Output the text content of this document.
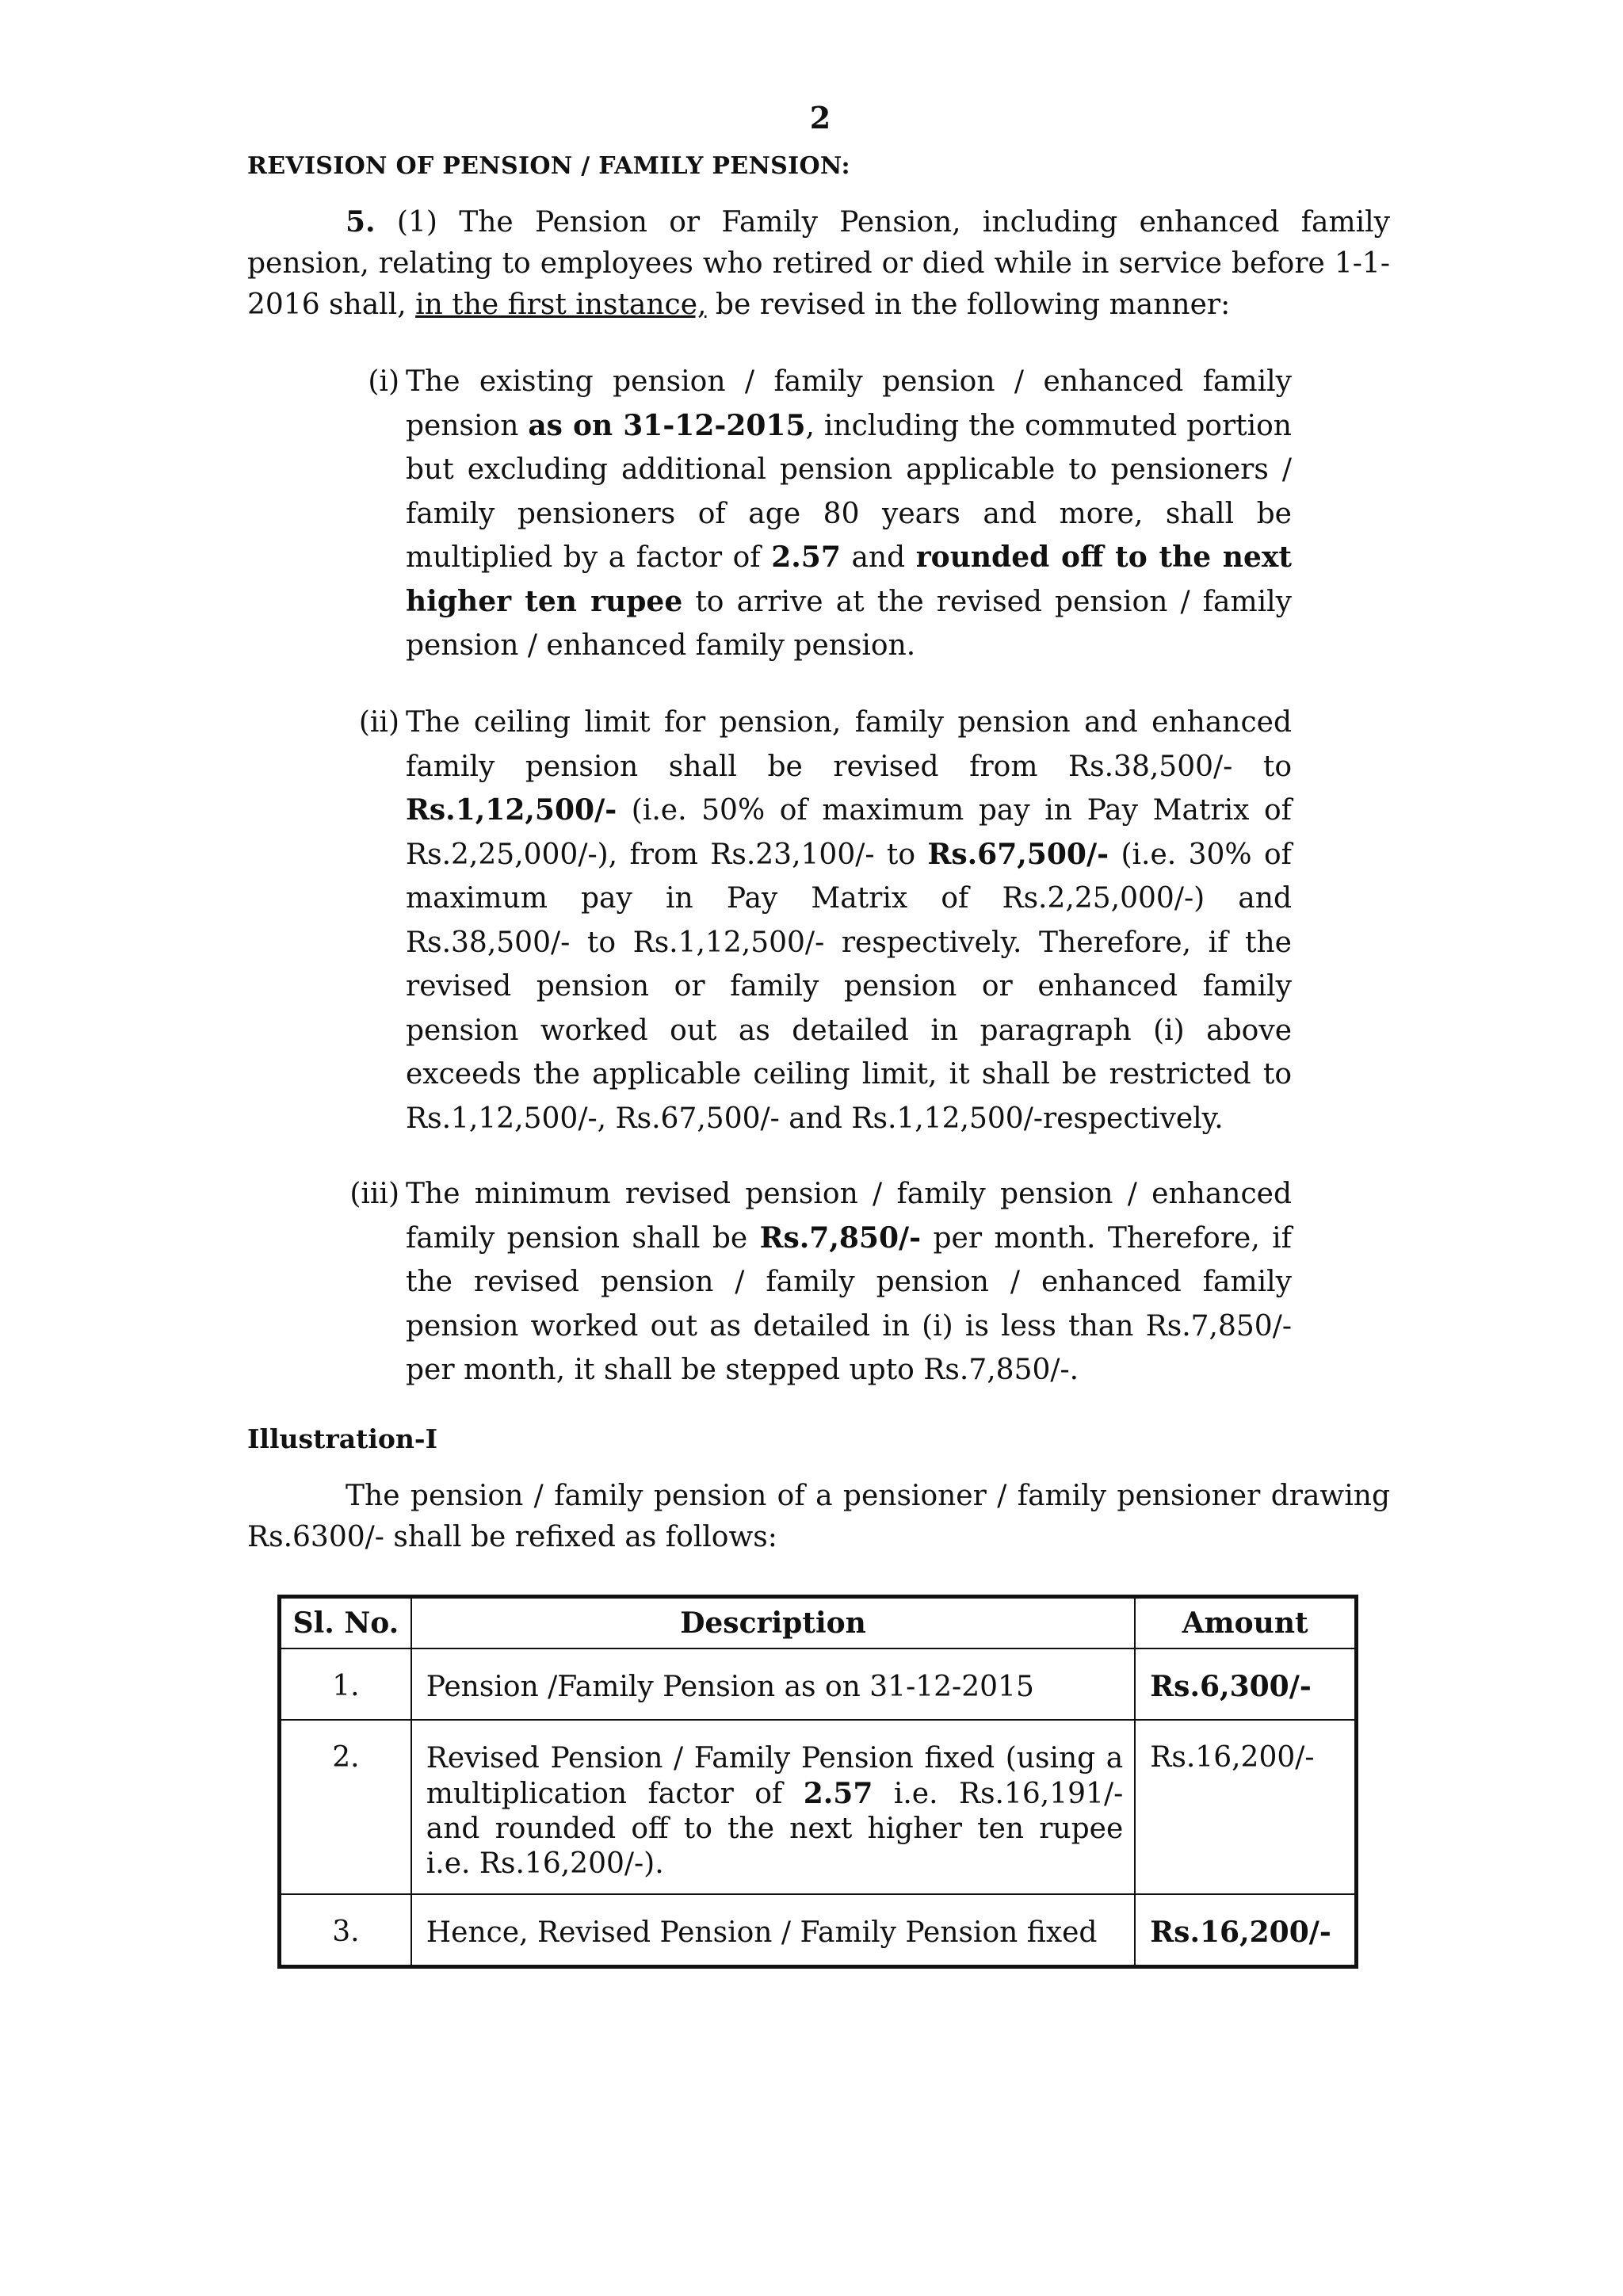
2
REVISION OF PENSION / FAMILY PENSION:
5. (1) The Pension or Family Pension, including enhanced family pension, relating to employees who retired or died while in service before 1-1-2016 shall, in the first instance, be revised in the following manner:
(i) The existing pension / family pension / enhanced family pension as on 31-12-2015, including the commuted portion but excluding additional pension applicable to pensioners / family pensioners of age 80 years and more, shall be multiplied by a factor of 2.57 and rounded off to the next higher ten rupee to arrive at the revised pension / family pension / enhanced family pension.
(ii) The ceiling limit for pension, family pension and enhanced family pension shall be revised from Rs.38,500/- to Rs.1,12,500/- (i.e. 50% of maximum pay in Pay Matrix of Rs.2,25,000/-), from Rs.23,100/- to Rs.67,500/- (i.e. 30% of maximum pay in Pay Matrix of Rs.2,25,000/-) and Rs.38,500/- to Rs.1,12,500/- respectively. Therefore, if the revised pension or family pension or enhanced family pension worked out as detailed in paragraph (i) above exceeds the applicable ceiling limit, it shall be restricted to Rs.1,12,500/-, Rs.67,500/- and Rs.1,12,500/-respectively.
(iii) The minimum revised pension / family pension / enhanced family pension shall be Rs.7,850/- per month. Therefore, if the revised pension / family pension / enhanced family pension worked out as detailed in (i) is less than Rs.7,850/- per month, it shall be stepped upto Rs.7,850/-.
Illustration-I
The pension / family pension of a pensioner / family pensioner drawing Rs.6300/- shall be refixed as follows:
Sl. No.	Description	Amount
1.	Pension /Family Pension as on 31-12-2015	Rs.6,300/-
2.	Revised Pension / Family Pension fixed (using a multiplication factor of 2.57 i.e. Rs.16,191/- and rounded off to the next higher ten rupee i.e. Rs.16,200/-).	Rs.16,200/-
3.	Hence, Revised Pension / Family Pension fixed	Rs.16,200/-
